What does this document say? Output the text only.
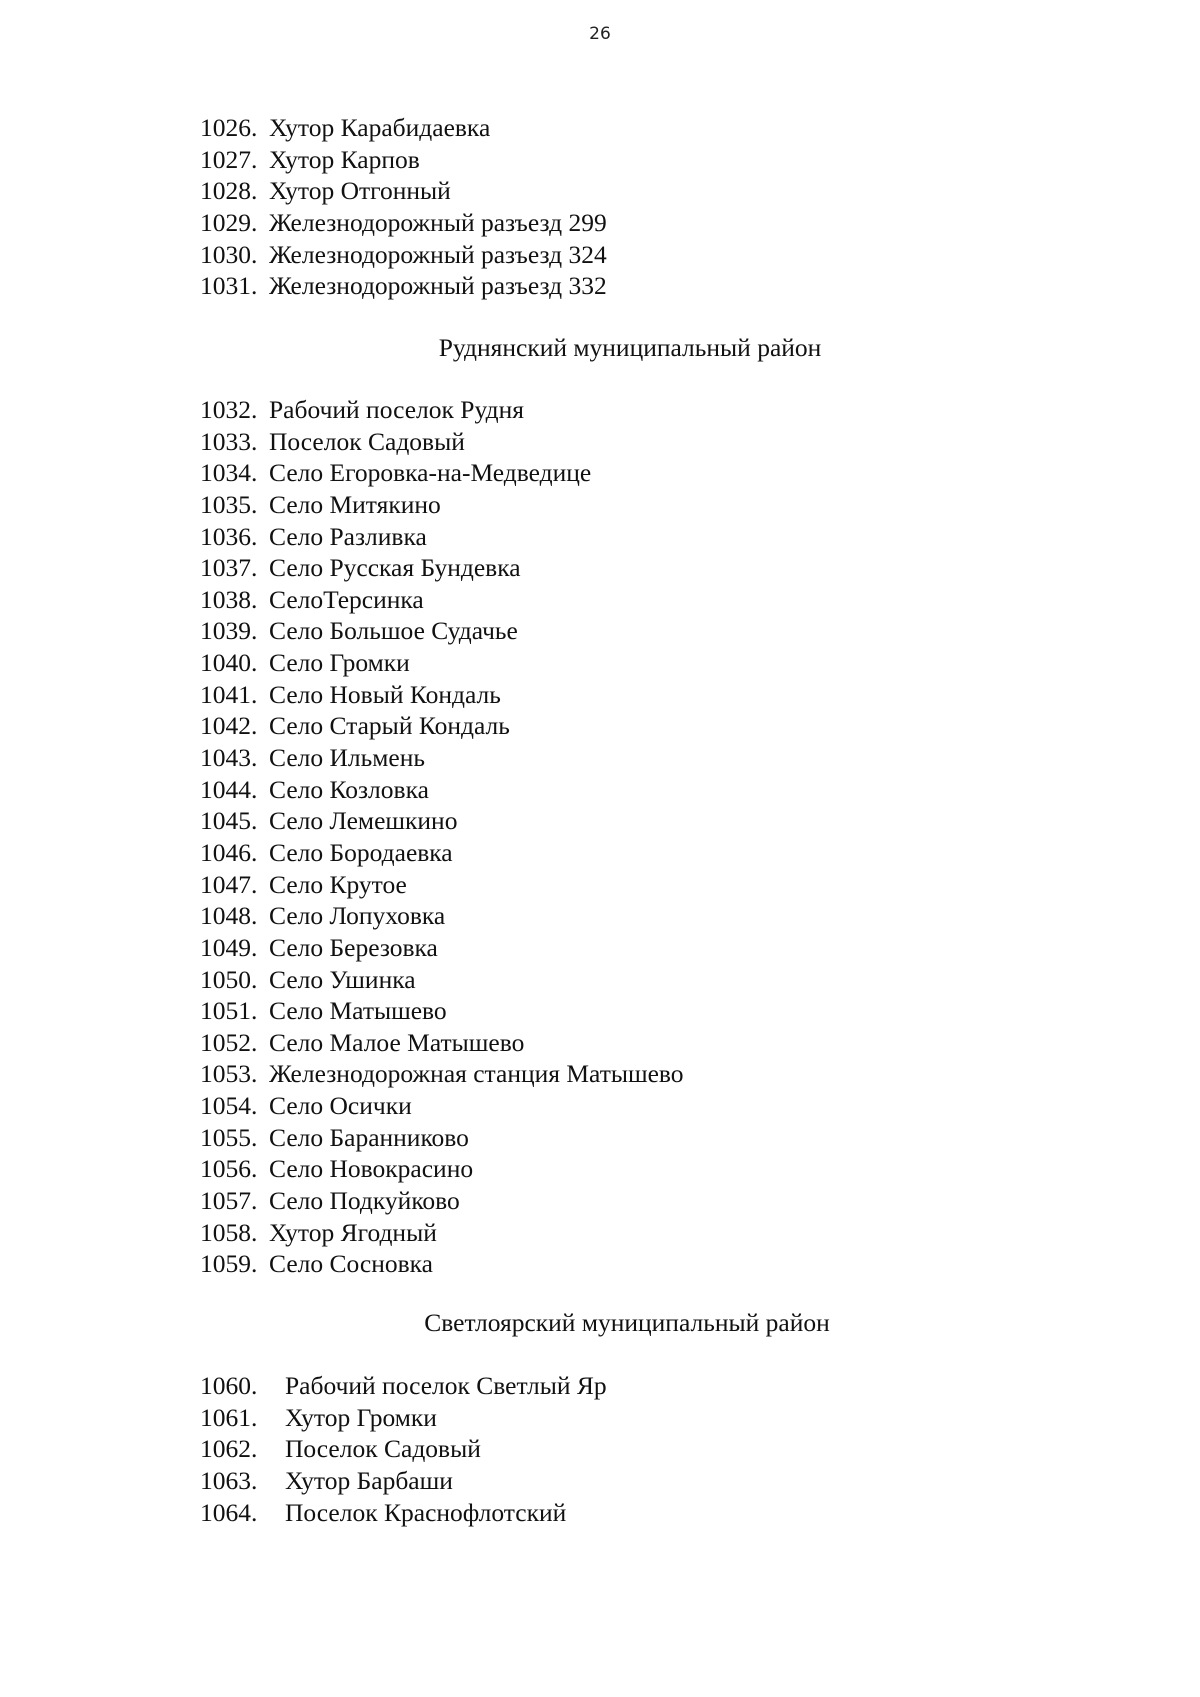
26
1026. Хутор Карабидаевка
1027. Хутор Карпов
1028. Хутор Отгонный
1029. Железнодорожный разъезд 299
1030. Железнодорожный разъезд 324
1031. Железнодорожный разъезд 332
Руднянский муниципальный район
1032. Рабочий поселок Рудня
1033. Поселок Садовый
1034. Село Егоровка-на-Медведице
1035. Село Митякино
1036. Село Разливка
1037. Село Русская Бундевка
1038. СелоТерсинка
1039. Село Большое Судачье
1040. Село Громки
1041. Село Новый Кондаль
1042. Село Старый Кондаль
1043. Село Ильмень
1044. Село Козловка
1045. Село Лемешкино
1046. Село Бородаевка
1047. Село Крутое
1048. Село Лопуховка
1049. Село Березовка
1050. Село Ушинка
1051. Село Матышево
1052. Село Малое Матышево
1053. Железнодорожная станция Матышево
1054. Село Осички
1055. Село Баранниково
1056. Село Новокрасино
1057. Село Подкуйково
1058. Хутор Ягодный
1059. Село Сосновка
Светлоярский муниципальный район
1060. Рабочий поселок Светлый Яр
1061. Хутор Громки
1062. Поселок Садовый
1063. Хутор Барбаши
1064. Поселок Краснофлотский
